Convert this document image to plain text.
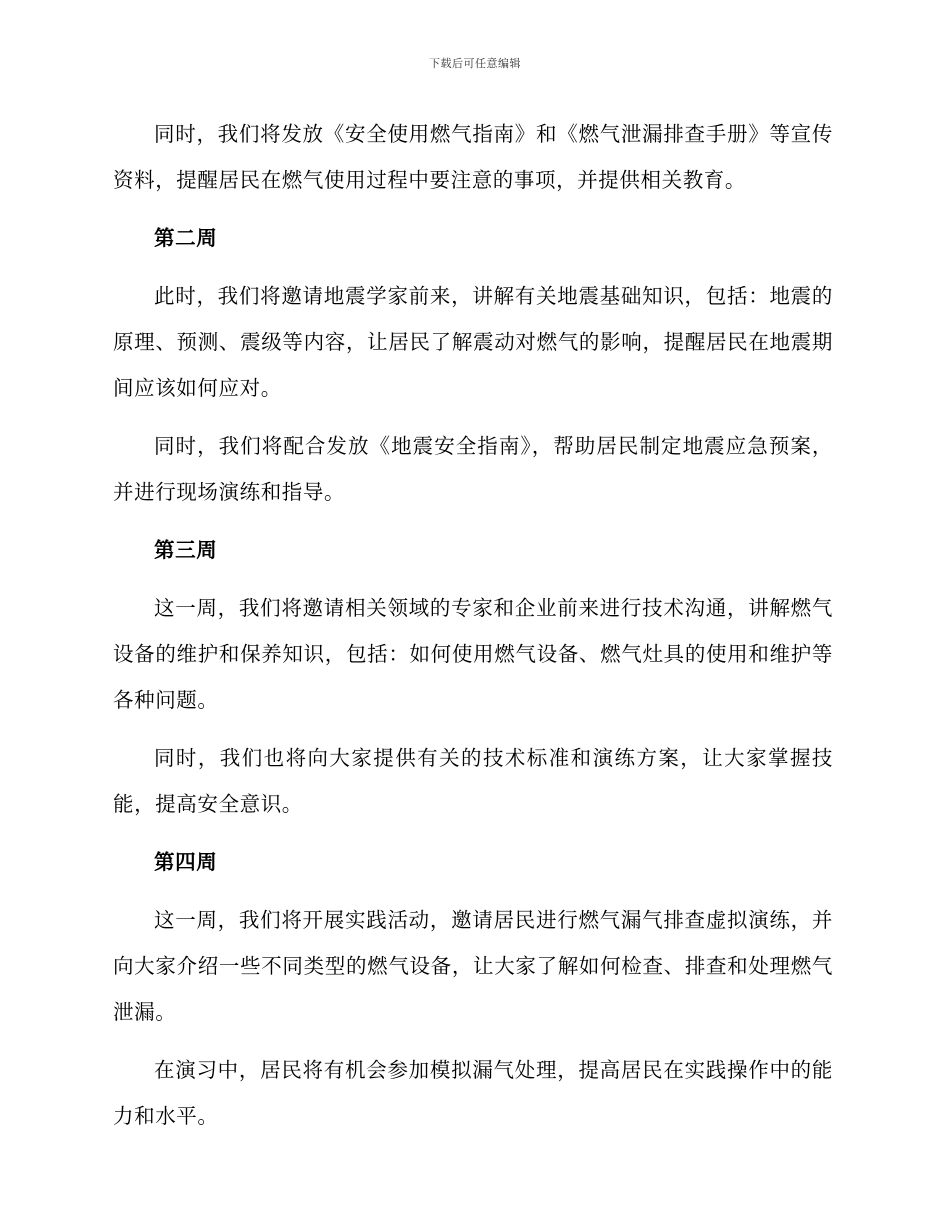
下载后可任意编辑

同时，我们将发放《安全使用燃气指南》和《燃气泄漏排查手册》等宣传资料，提醒居民在燃气使用过程中要注意的事项，并提供相关教育。

第二周

此时，我们将邀请地震学家前来，讲解有关地震基础知识，包括：地震的原理、预测、震级等内容，让居民了解震动对燃气的影响，提醒居民在地震期间应该如何应对。

同时，我们将配合发放《地震安全指南》，帮助居民制定地震应急预案，并进行现场演练和指导。

第三周

这一周，我们将邀请相关领域的专家和企业前来进行技术沟通，讲解燃气设备的维护和保养知识，包括：如何使用燃气设备、燃气灶具的使用和维护等各种问题。

同时，我们也将向大家提供有关的技术标准和演练方案，让大家掌握技能，提高安全意识。

第四周

这一周，我们将开展实践活动，邀请居民进行燃气漏气排查虚拟演练，并向大家介绍一些不同类型的燃气设备，让大家了解如何检查、排查和处理燃气泄漏。

在演习中，居民将有机会参加模拟漏气处理，提高居民在实践操作中的能力和水平。
